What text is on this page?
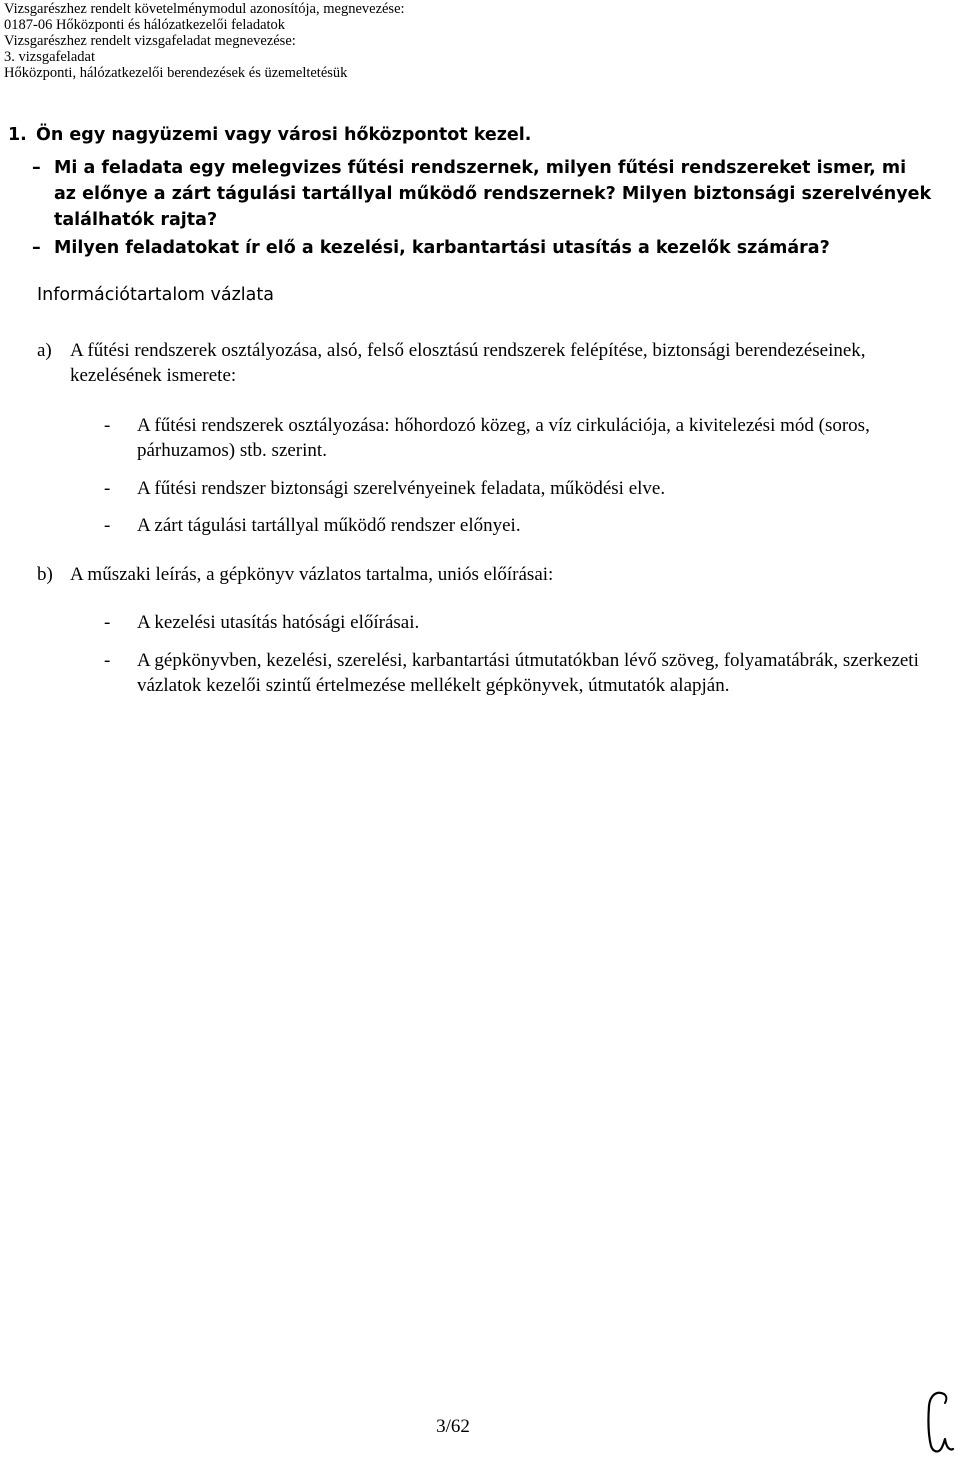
Vizsgarészhez rendelt követelménymodul azonosítója, megnevezése:
0187-06 Hőközponti és hálózatkezelői feladatok
Vizsgarészhez rendelt vizsgafeladat megnevezése:
3. vizsgafeladat
Hőközponti, hálózatkezelői berendezések és üzemeltetésük
1. Ön egy nagyüzemi vagy városi hőközpontot kezel.
– Mi a feladata egy melegvizes fűtési rendszernek, milyen fűtési rendszereket ismer, mi az előnye a zárt tágulási tartállyal működő rendszernek? Milyen biztonsági szerelvények találhatók rajta?
– Milyen feladatokat ír elő a kezelési, karbantartási utasítás a kezelők számára?
Információtartalom vázlata
a) A fűtési rendszerek osztályozása, alsó, felső elosztású rendszerek felépítése, biztonsági berendezéseinek, kezelésének ismerete:
- A fűtési rendszerek osztályozása: hőhordozó közeg, a víz cirkulációja, a kivitelezési mód (soros, párhuzamos) stb. szerint.
- A fűtési rendszer biztonsági szerelvényeinek feladata, működési elve.
- A zárt tágulási tartállyal működő rendszer előnyei.
b) A műszaki leírás, a gépkönyv vázlatos tartalma, uniós előírásai:
- A kezelési utasítás hatósági előírásai.
- A gépkönyvben, kezelési, szerelési, karbantartási útmutatókban lévő szöveg, folyamatábrák, szerkezeti vázlatok kezelői szintű értelmezése mellékelt gépkönyvek, útmutatók alapján.
3/62
